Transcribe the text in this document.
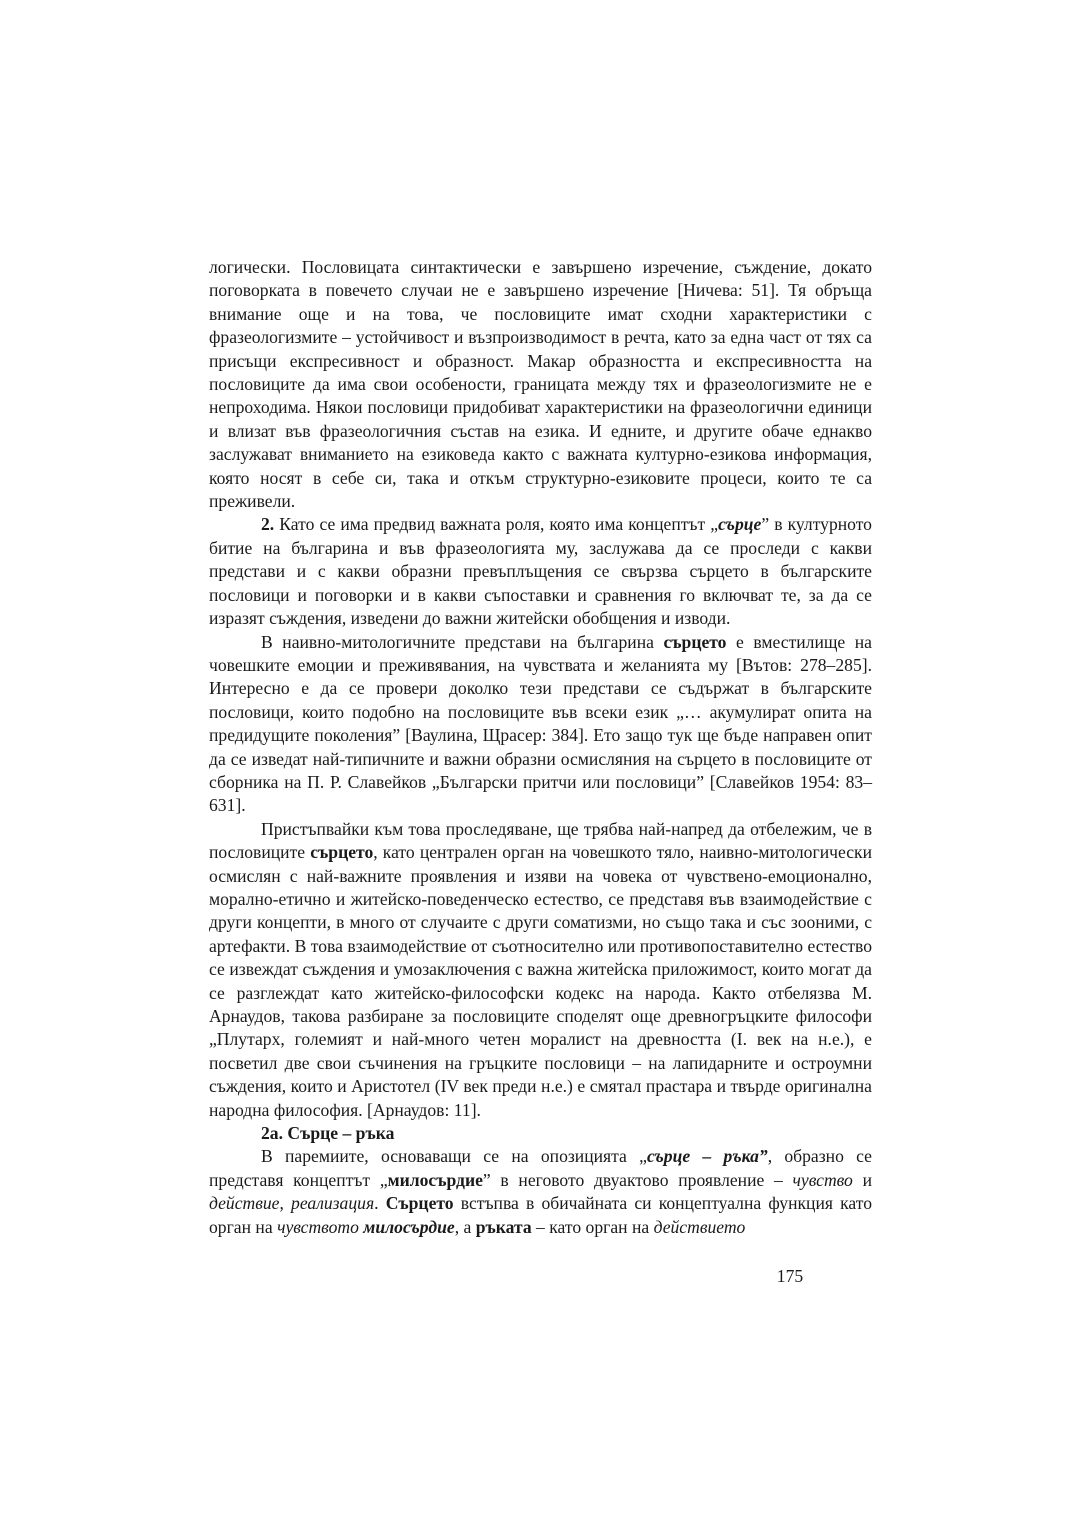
логически. Пословицата синтактически е завършено изречение, съждение, докато поговорката в повечето случаи не е завършено изречение [Ничева: 51]. Тя обръща внимание още и на това, че пословиците имат сходни характеристики с фразеологизмите – устойчивост и възпроизводимост в речта, като за една част от тях са присъщи експресивност и образност. Макар образността и експресивността на пословиците да има свои особености, границата между тях и фразеологизмите не е непроходима. Някои пословици придобиват характеристики на фразеологични единици и влизат във фразеологичния състав на езика. И едните, и другите обаче еднакво заслужават вниманието на езиковеда както с важната културно-езикова информация, която носят в себе си, така и откъм структурно-езиковите процеси, които те са преживели.

2. Като се има предвид важната роля, която има концептът „сърце” в културното битие на българина и във фразеологията му, заслужава да се проследи с какви представи и с какви образни превъплъщения се свързва сърцето в българските пословици и поговорки и в какви съпоставки и сравнения го включват те, за да се изразят съждения, изведени до важни житейски обобщения и изводи.

В наивно-митологичните представи на българина сърцето е вместилище на човешките емоции и преживявания, на чувствата и желанията му [Вътов: 278–285]. Интересно е да се провери доколко тези представи се съдържат в българските пословици, които подобно на пословиците във всеки език „… акумулират опита на предидущите поколения” [Ваулина, Щрасер: 384]. Ето защо тук ще бъде направен опит да се изведат най-типичните и важни образни осмисляния на сърцето в пословиците от сборника на П. Р. Славейков „Български притчи или пословици” [Славейков 1954: 83–631].

Пристъпвайки към това проследяване, ще трябва най-напред да отбележим, че в пословиците сърцето, като централен орган на човешкото тяло, наивно-митологически осмислян с най-важните проявления и изяви на човека от чувствено-емоционално, морално-етично и житейско-поведенческо естество, се представя във взаимодействие с други концепти, в много от случаите с други соматизми, но също така и със зооними, с артефакти. В това взаимодействие от съотносително или противопоставително естество се извеждат съждения и умозаключения с важна житейска приложимост, които могат да се разглеждат като житейско-философски кодекс на народа. Както отбелязва М. Арнаудов, такова разбиране за пословиците споделят още древногръцките философи „Плутарх, големият и най-много четен моралист на древността (I. век на н.е.), е посветил две свои съчинения на гръцките пословици – на лапидарните и остроумни съждения, които и Аристотел (IV век преди н.е.) е смятал прастара и твърде оригинална народна философия. [Арнаудов: 11].

2а. Сърце – ръка

В паремиите, основаващи се на опозицията „сърце – ръка”, образно се представя концептът „милосърдие” в неговото двуактово проявление – чувство и действие, реализация. Сърцето встъпва в обичайната си концептуална функция като орган на чувството милосърдие, а ръката – като орган на действието

175
